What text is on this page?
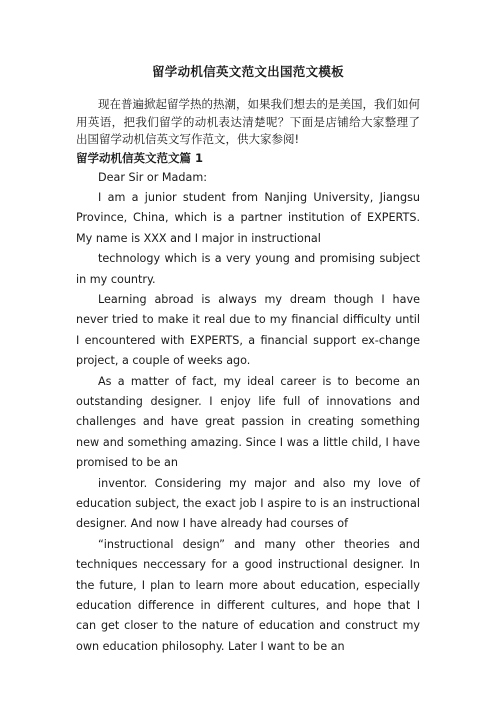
留学动机信英文范文出国范文模板

现在普遍掀起留学热的热潮，如果我们想去的是美国，我们如何用英语，把我们留学的动机表达清楚呢？下面是店铺给大家整理了出国留学动机信英文写作范文，供大家参阅!

留学动机信英文范文篇 1

Dear Sir or Madam:

I am a junior student from Nanjing University, Jiangsu Province, China, which is a partner institution of EXPERTS. My name is XXX and I major in instructional

technology which is a very young and promising subject in my country.

Learning abroad is always my dream though I have never tried to make it real due to my financial difficulty until I encountered with EXPERTS, a financial support ex-change project, a couple of weeks ago.

As a matter of fact, my ideal career is to become an outstanding designer. I enjoy life full of innovations and challenges and have great passion in creating something new and something amazing. Since I was a little child, I have promised to be an

inventor. Considering my major and also my love of education subject, the exact job I aspire to is an instructional designer. And now I have already had courses of

“instructional design” and many other theories and techniques neccessary for a good instructional designer. In the future, I plan to learn more about education, especially education difference in different cultures, and hope that I can get closer to the nature of education and construct my own education philosophy. Later I want to be an
